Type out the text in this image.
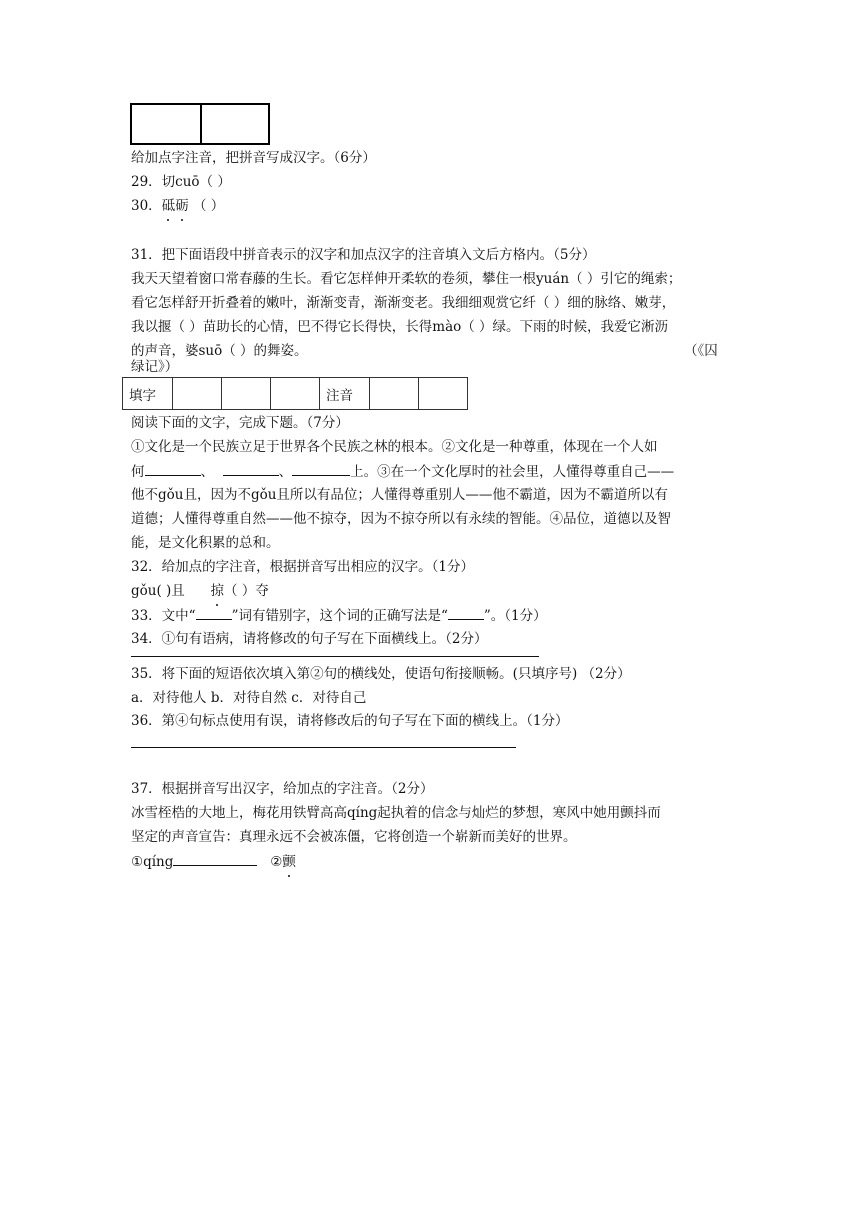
给加点字注音，把拼音写成汉字。（6分）
29．切cuō（ ）
30．砥砺 （ ）
31．把下面语段中拼音表示的汉字和加点汉字的注音填入文后方格内。（5分）
我天天望着窗口常春藤的生长。看它怎样伸开柔软的卷须，攀住一根yuán（ ）引它的绳索；
看它怎样舒开折叠着的嫩叶，渐渐变青，渐渐变老。我细细观赏它纤（ ）细的脉络、嫩芽，
我以揠（ ）苗助长的心情，巴不得它长得快，长得mào（ ）绿。下雨的时候，我爱它淅沥
的声音，婆suō（ ）的舞姿。	（《囚
绿记》）
填字				注音		
阅读下面的文字，完成下题。（7分）
①文化是一个民族立足于世界各个民族之林的根本。②文化是一种尊重，体现在一个人如
何	、	、	上。③在一个文化厚时的社会里，人懂得尊重自己——
他不gǒu且，因为不gǒu且所以有品位；人懂得尊重别人——他不霸道，因为不霸道所以有
道德；人懂得尊重自然——他不掠夺，因为不掠夺所以有永续的智能。④品位，道德以及智
能，是文化积累的总和。
32．给加点的字注音，根据拼音写出相应的汉字。（1分）
gǒu( )且 掠（ ）夺
33．文中“	”词有错别字，这个词的正确写法是“	”。（1分）
34．①句有语病，请将修改的句子写在下面横线上。（2分）
35．将下面的短语依次填入第②句的横线处，使语句衔接顺畅。(只填序号) （2分）
a．对待他人 b．对待自然 c．对待自己
36．第④句标点使用有误，请将修改后的句子写在下面的横线上。（1分）
37．根据拼音写出汉字，给加点的字注音。（2分）
冰雪桎梏的大地上，梅花用铁臂高高qíng起执着的信念与灿烂的梦想，寒风中她用颤抖而
坚定的声音宣告：真理永远不会被冻僵，它将创造一个崭新而美好的世界。
①qíng	②颤
